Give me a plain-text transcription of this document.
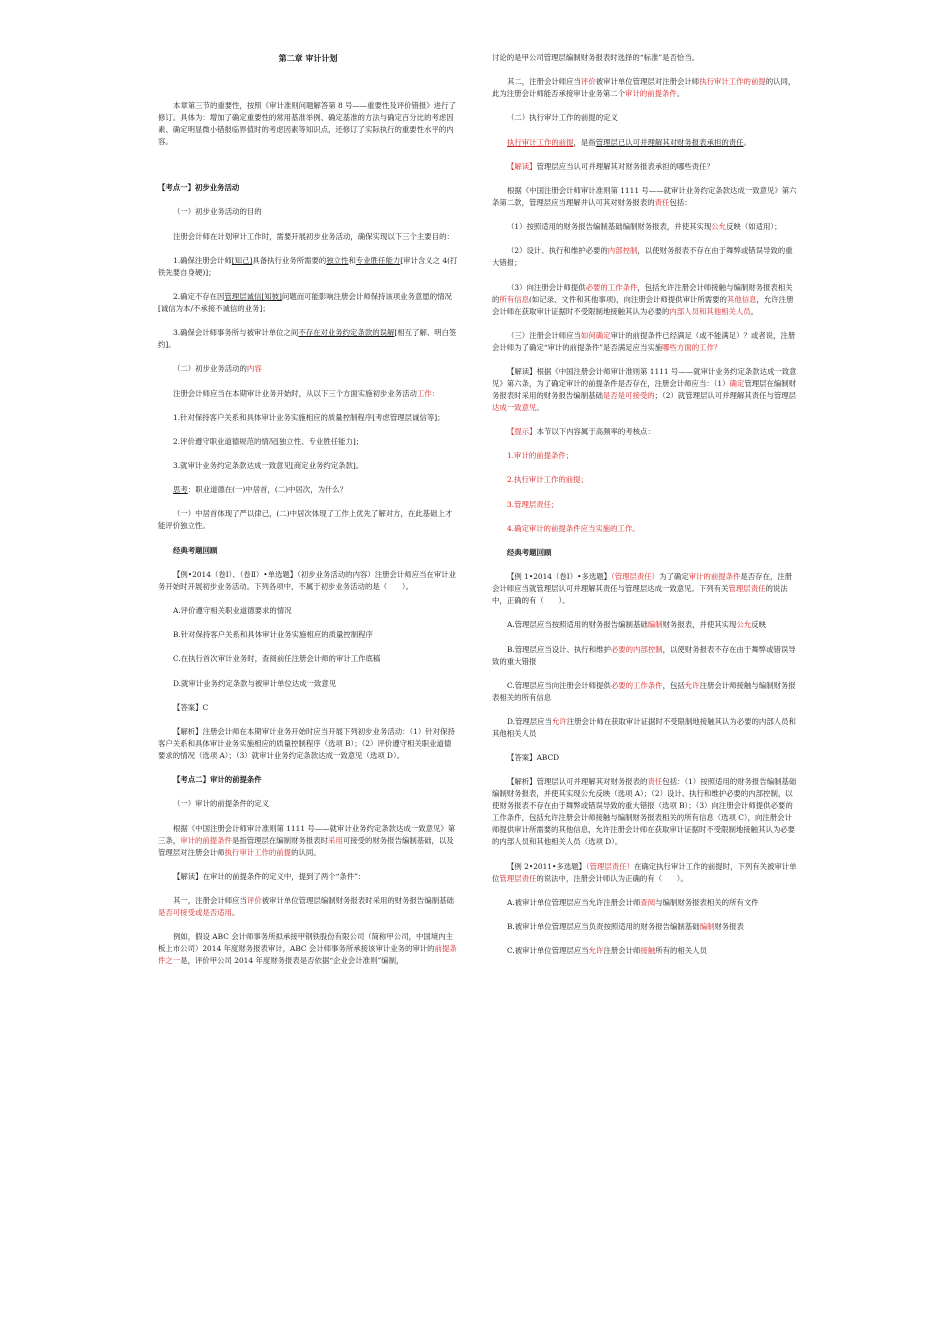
第二章 审计计划

本章第三节的重要性，按照《审计准则问题解答第 8 号——重要性及评价错报》进行了修订。具体为：增加了确定重要性的常用基准举例、确定基准的方法与确定百分比的考虑因素、确定明显微小错报临界值时的考虑因素等知识点，还修订了实际执行的重要性水平的内容。

【考点一】初步业务活动

（一）初步业务活动的目的

注册会计师在计划审计工作时，需要开展初步业务活动，确保实现以下三个主要目的：

1.确保注册会计师[知己]具备执行业务所需要的独立性和专业胜任能力[审计含义之 4(打铁先要自身硬)]；

2.确定不存在因管理层诚信[知彼]问题而可能影响注册会计师保持该项业务意愿的情况[诚信为本/不承接不诚信的业务]；

3.确保会计师事务所与被审计单位之间不存在对业务约定条款的误解[相互了解、明白签约]。

（二）初步业务活动的内容

注册会计师应当在本期审计业务开始时，从以下三个方面实施初步业务活动工作：

1.针对保持客户关系和具体审计业务实施相应的质量控制程序[考虑管理层诚信等]；

2.评价遵守职业道德规范的情况[独立性、专业胜任能力]；

3.就审计业务约定条款达成一致意见[商定业务约定条款]。

思考：职业道德在(一)中居首，(二)中居次，为什么？

（一）中居首体现了严以律己，(二)中居次体现了工作上优先了解对方，在此基础上才能评价独立性。

经典考题回顾

【例•2014（卷Ⅰ）、（卷Ⅱ）•单选题】（初步业务活动的内容）注册会计师应当在审计业务开始时开展初步业务活动。下列各项中，不属于初步业务活动的是（　　）。

A.评价遵守相关职业道德要求的情况

B.针对保持客户关系和具体审计业务实施相应的质量控制程序

C.在执行首次审计业务时，查阅前任注册会计师的审计工作底稿

D.就审计业务约定条款与被审计单位达成一致意见

【答案】C

【解析】注册会计师在本期审计业务开始时应当开展下列初步业务活动：（1）针对保持客户关系和具体审计业务实施相应的质量控制程序（选项 B）；（2）评价遵守相关职业道德要求的情况（选项 A）；（3）就审计业务约定条款达成一致意见（选项 D）。

【考点二】审计的前提条件

（一）审计的前提条件的定义

根据《中国注册会计师审计准则第 1111 号——就审计业务约定条款达成一致意见》第三条，审计的前提条件是指管理层在编制财务报表时采用可接受的财务报告编制基础，以及管理层对注册会计师执行审计工作的前提的认同。

【解读】在审计的前提条件的定义中，提到了两个“条件”：

其一，注册会计师应当评价被审计单位管理层编制财务报表时采用的财务报告编制基础是否可接受或是否适用。

例如，假设 ABC 会计师事务所拟承接甲钢铁股份有限公司（简称甲公司，中国境内主板上市公司）2014 年度财务报表审计，ABC 会计师事务所承接该审计业务的审计的前提条件之一是，评价甲公司 2014 年度财务报表是否依据“企业会计准则”编制，

讨论的是甲公司管理层编制财务报表时选择的“标准”是否恰当。

其二，注册会计师应当评价被审计单位管理层对注册会计师执行审计工作的前提的认同，此为注册会计师能否承接审计业务第二个审计的前提条件。

（二）执行审计工作的前提的定义

执行审计工作的前提，是指管理层已认可并理解其对财务报表承担的责任。

【解读】管理层应当认可并理解其对财务报表承担的哪些责任？

根据《中国注册会计师审计准则第 1111 号——就审计业务约定条款达成一致意见》第六条第二款，管理层应当理解并认可其对财务报表的责任包括：

（1）按照适用的财务报告编制基础编制财务报表，并使其实现公允反映（如适用）；

（2）设计、执行和维护必要的内部控制，以使财务报表不存在由于舞弊或错误导致的重大错报；

（3）向注册会计师提供必要的工作条件，包括允许注册会计师接触与编制财务报表相关的所有信息(如记录、文件和其他事项)，向注册会计师提供审计所需要的其他信息，允许注册会计师在获取审计证据时不受限制地接触其认为必要的内部人员和其他相关人员。

（三）注册会计师应当如何确定审计的前提条件已经满足（或不能满足）？或者说，注册会计师为了确定“审计的前提条件”是否满足应当实施哪些方面的工作？

【解读】根据《中国注册会计师审计准则第 1111 号——就审计业务约定条款达成一致意见》第六条，为了确定审计的前提条件是否存在，注册会计师应当：（1）确定管理层在编制财务报表时采用的财务报告编制基础是否是可接受的；（2）就管理层认可并理解其责任与管理层达成一致意见。

【提示】本节以下内容属于高频率的考核点：

1.审计的前提条件；

2.执行审计工作的前提；

3.管理层责任；

4.确定审计的前提条件应当实施的工作。

经典考题回顾

【例 1•2014（卷Ⅰ）•多选题】（管理层责任）为了确定审计的前提条件是否存在，注册会计师应当就管理层认可并理解其责任与管理层达成一致意见。下列有关管理层责任的说法中，正确的有（　　）。

A.管理层应当按照适用的财务报告编制基础编制财务报表，并使其实现公允反映

B.管理层应当设计、执行和维护必要的内部控制，以使财务报表不存在由于舞弊或错误导致的重大错报

C.管理层应当向注册会计师提供必要的工作条件，包括允许注册会计师接触与编制财务报表相关的所有信息

D.管理层应当允许注册会计师在获取审计证据时不受限制地接触其认为必要的内部人员和其他相关人员

【答案】ABCD

【解析】管理层认可并理解其对财务报表的责任包括：（1）按照适用的财务报告编制基础编制财务报表，并使其实现公允反映（选项 A）；（2）设计、执行和维护必要的内部控制，以使财务报表不存在由于舞弊或错误导致的重大错报（选项 B）；（3）向注册会计师提供必要的工作条件，包括允许注册会计师接触与编制财务报表相关的所有信息（选项 C），向注册会计师提供审计所需要的其他信息，允许注册会计师在获取审计证据时不受限制地接触其认为必要的内部人员和其他相关人员（选项 D）。

【例 2•2011•多选题】（管理层责任）在确定执行审计工作的前提时，下列有关被审计单位管理层责任的说法中，注册会计师认为正确的有（　　）。

A.被审计单位管理层应当允许注册会计师查阅与编制财务报表相关的所有文件

B.被审计单位管理层应当负责按照适用的财务报告编制基础编制财务报表

C.被审计单位管理层应当允许注册会计师接触所有的相关人员
